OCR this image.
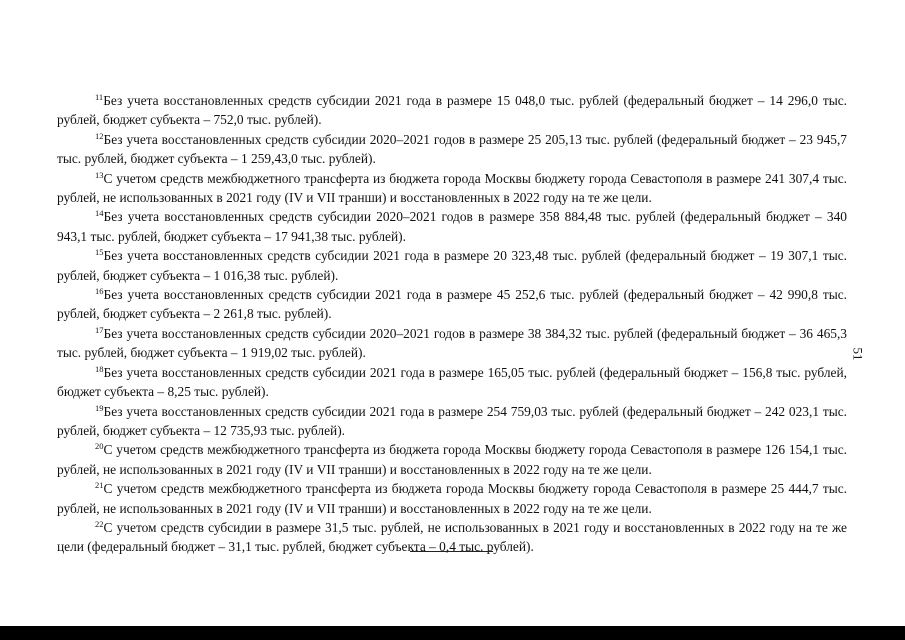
$^{11}$Без учета восстановленных средств субсидии 2021 года в размере 15 048,0 тыс. рублей (федеральный бюджет – 14 296,0 тыс. рублей, бюджет субъекта – 752,0 тыс. рублей).

$^{12}$Без учета восстановленных средств субсидии 2020–2021 годов в размере 25 205,13 тыс. рублей (федеральный бюджет – 23 945,7 тыс. рублей, бюджет субъекта – 1 259,43,0 тыс. рублей).

$^{13}$С учетом средств межбюджетного трансферта из бюджета города Москвы бюджету города Севастополя в размере 241 307,4 тыс. рублей, не использованных в 2021 году (IV и VII транши) и восстановленных в 2022 году на те же цели.

$^{14}$Без учета восстановленных средств субсидии 2020–2021 годов в размере 358 884,48 тыс. рублей (федеральный бюджет – 340 943,1 тыс. рублей, бюджет субъекта – 17 941,38 тыс. рублей).

$^{15}$Без учета восстановленных средств субсидии 2021 года в размере 20 323,48 тыс. рублей (федеральный бюджет – 19 307,1 тыс. рублей, бюджет субъекта – 1 016,38 тыс. рублей).

$^{16}$Без учета восстановленных средств субсидии 2021 года в размере 45 252,6 тыс. рублей (федеральный бюджет – 42 990,8 тыс. рублей, бюджет субъекта – 2 261,8 тыс. рублей).

$^{17}$Без учета восстановленных средств субсидии 2020–2021 годов в размере 38 384,32 тыс. рублей (федеральный бюджет – 36 465,3 тыс. рублей, бюджет субъекта – 1 919,02 тыс. рублей).

$^{18}$Без учета восстановленных средств субсидии 2021 года в размере 165,05 тыс. рублей (федеральный бюджет – 156,8 тыс. рублей, бюджет субъекта – 8,25 тыс. рублей).

$^{19}$Без учета восстановленных средств субсидии 2021 года в размере 254 759,03 тыс. рублей (федеральный бюджет – 242 023,1 тыс. рублей, бюджет субъекта – 12 735,93 тыс. рублей).

$^{20}$С учетом средств межбюджетного трансферта из бюджета города Москвы бюджету города Севастополя в размере 126 154,1 тыс. рублей, не использованных в 2021 году (IV и VII транши) и восстановленных в 2022 году на те же цели.

$^{21}$С учетом средств межбюджетного трансферта из бюджета города Москвы бюджету города Севастополя в размере 25 444,7 тыс. рублей, не использованных в 2021 году (IV и VII транши) и восстановленных в 2022 году на те же цели.

$^{22}$С учетом средств субсидии в размере 31,5 тыс. рублей, не использованных в 2021 году и восстановленных в 2022 году на те же цели (федеральный бюджет – 31,1 тыс. рублей, бюджет субъекта – 0,4 тыс. рублей).

51
